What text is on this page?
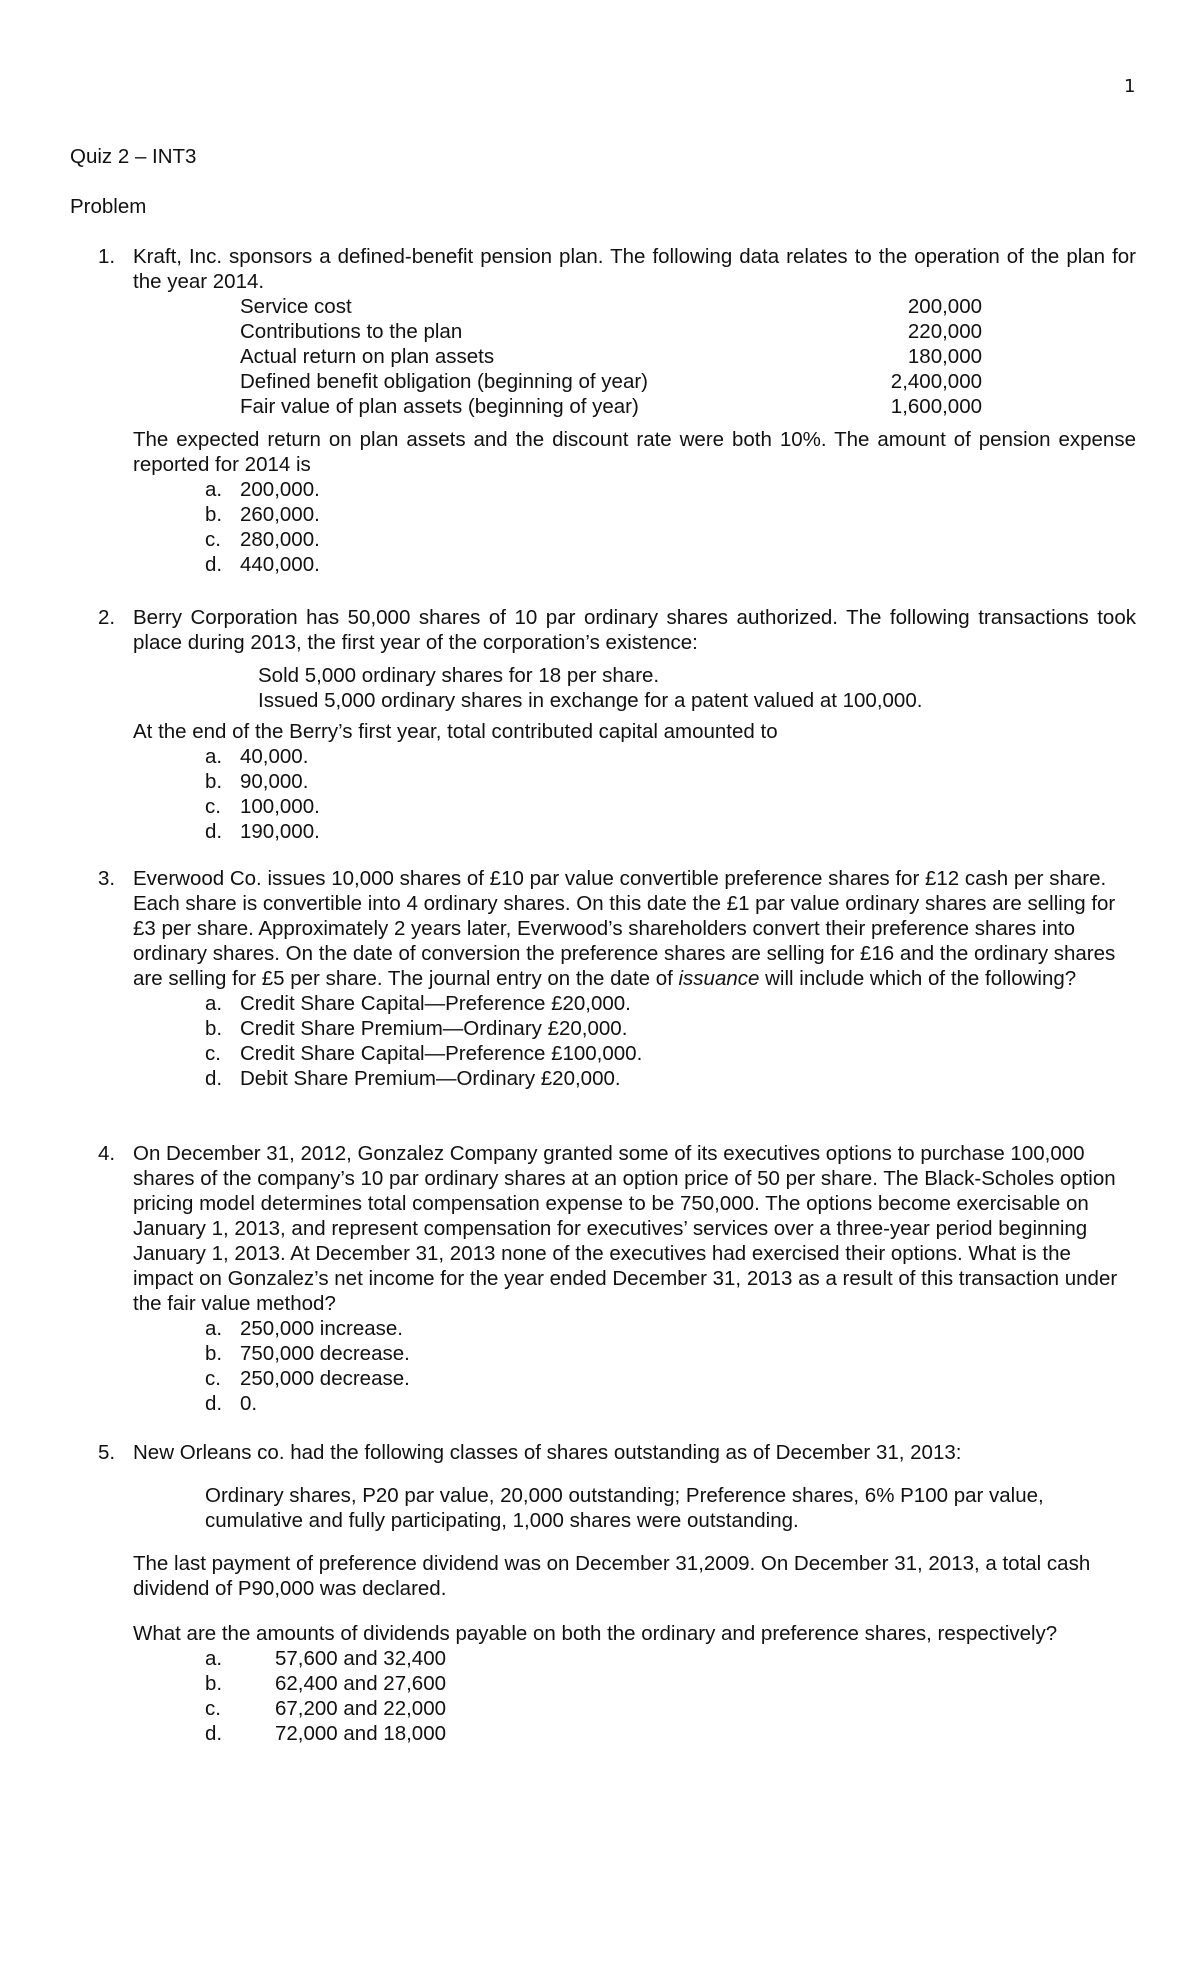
1
Quiz 2 – INT3
Problem
1. Kraft, Inc. sponsors a defined-benefit pension plan. The following data relates to the operation of the plan for the year 2014.
Service cost	200,000
Contributions to the plan	220,000
Actual return on plan assets	180,000
Defined benefit obligation (beginning of year)	2,400,000
Fair value of plan assets (beginning of year)	1,600,000
The expected return on plan assets and the discount rate were both 10%. The amount of pension expense reported for 2014 is
a. 200,000.
b. 260,000.
c. 280,000.
d. 440,000.
2. Berry Corporation has 50,000 shares of 10 par ordinary shares authorized. The following transactions took place during 2013, the first year of the corporation’s existence:
Sold 5,000 ordinary shares for 18 per share.
Issued 5,000 ordinary shares in exchange for a patent valued at 100,000.
At the end of the Berry’s first year, total contributed capital amounted to
a. 40,000.
b. 90,000.
c. 100,000.
d. 190,000.
3. Everwood Co. issues 10,000 shares of £10 par value convertible preference shares for £12 cash per share. Each share is convertible into 4 ordinary shares. On this date the £1 par value ordinary shares are selling for £3 per share. Approximately 2 years later, Everwood’s shareholders convert their preference shares into ordinary shares. On the date of conversion the preference shares are selling for £16 and the ordinary shares are selling for £5 per share. The journal entry on the date of issuance will include which of the following?
a. Credit Share Capital—Preference £20,000.
b. Credit Share Premium—Ordinary £20,000.
c. Credit Share Capital—Preference £100,000.
d. Debit Share Premium—Ordinary £20,000.
4. On December 31, 2012, Gonzalez Company granted some of its executives options to purchase 100,000 shares of the company’s 10 par ordinary shares at an option price of 50 per share. The Black-Scholes option pricing model determines total compensation expense to be 750,000. The options become exercisable on January 1, 2013, and represent compensation for executives’ services over a three-year period beginning January 1, 2013. At December 31, 2013 none of the executives had exercised their options. What is the impact on Gonzalez’s net income for the year ended December 31, 2013 as a result of this transaction under the fair value method?
a. 250,000 increase.
b. 750,000 decrease.
c. 250,000 decrease.
d. 0.
5. New Orleans co. had the following classes of shares outstanding as of December 31, 2013:
Ordinary shares, P20 par value, 20,000 outstanding; Preference shares, 6% P100 par value, cumulative and fully participating, 1,000 shares were outstanding.
The last payment of preference dividend was on December 31,2009. On December 31, 2013, a total cash dividend of P90,000 was declared.
What are the amounts of dividends payable on both the ordinary and preference shares, respectively?
a.	57,600 and 32,400
b.	62,400 and 27,600
c.	67,200 and 22,000
d.	72,000 and 18,000
